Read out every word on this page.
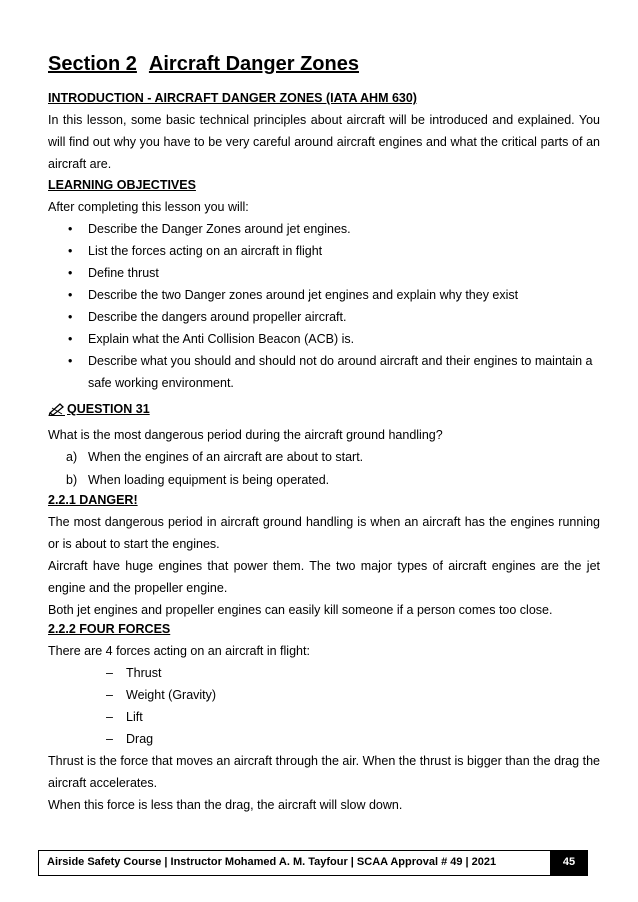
Section 2 Aircraft Danger Zones
INTRODUCTION - AIRCRAFT DANGER ZONES (IATA AHM 630)

In this lesson, some basic technical principles about aircraft will be introduced and explained. You will find out why you have to be very careful around aircraft engines and what the critical parts of an aircraft are.

LEARNING OBJECTIVES

After completing this lesson you will:

• Describe the Danger Zones around jet engines.
• List the forces acting on an aircraft in flight
• Define thrust
• Describe the two Danger zones around jet engines and explain why they exist
• Describe the dangers around propeller aircraft.
• Explain what the Anti Collision Beacon (ACB) is.
• Describe what you should and should not do around aircraft and their engines to maintain a safe working environment.
QUESTION 31

What is the most dangerous period during the aircraft ground handling?

a) When the engines of an aircraft are about to start.
b) When loading equipment is being operated.
2.2.1 DANGER!

The most dangerous period in aircraft ground handling is when an aircraft has the engines running or is about to start the engines.

Aircraft have huge engines that power them. The two major types of aircraft engines are the jet engine and the propeller engine.

Both jet engines and propeller engines can easily kill someone if a person comes too close.

2.2.2 FOUR FORCES

There are 4 forces acting on an aircraft in flight:

– Thrust
– Weight (Gravity)
– Lift
– Drag

Thrust is the force that moves an aircraft through the air. When the thrust is bigger than the drag the aircraft accelerates.

When this force is less than the drag, the aircraft will slow down.

Airside Safety Course | Instructor Mohamed A. M. Tayfour | SCAA Approval # 49 | 2021	45
